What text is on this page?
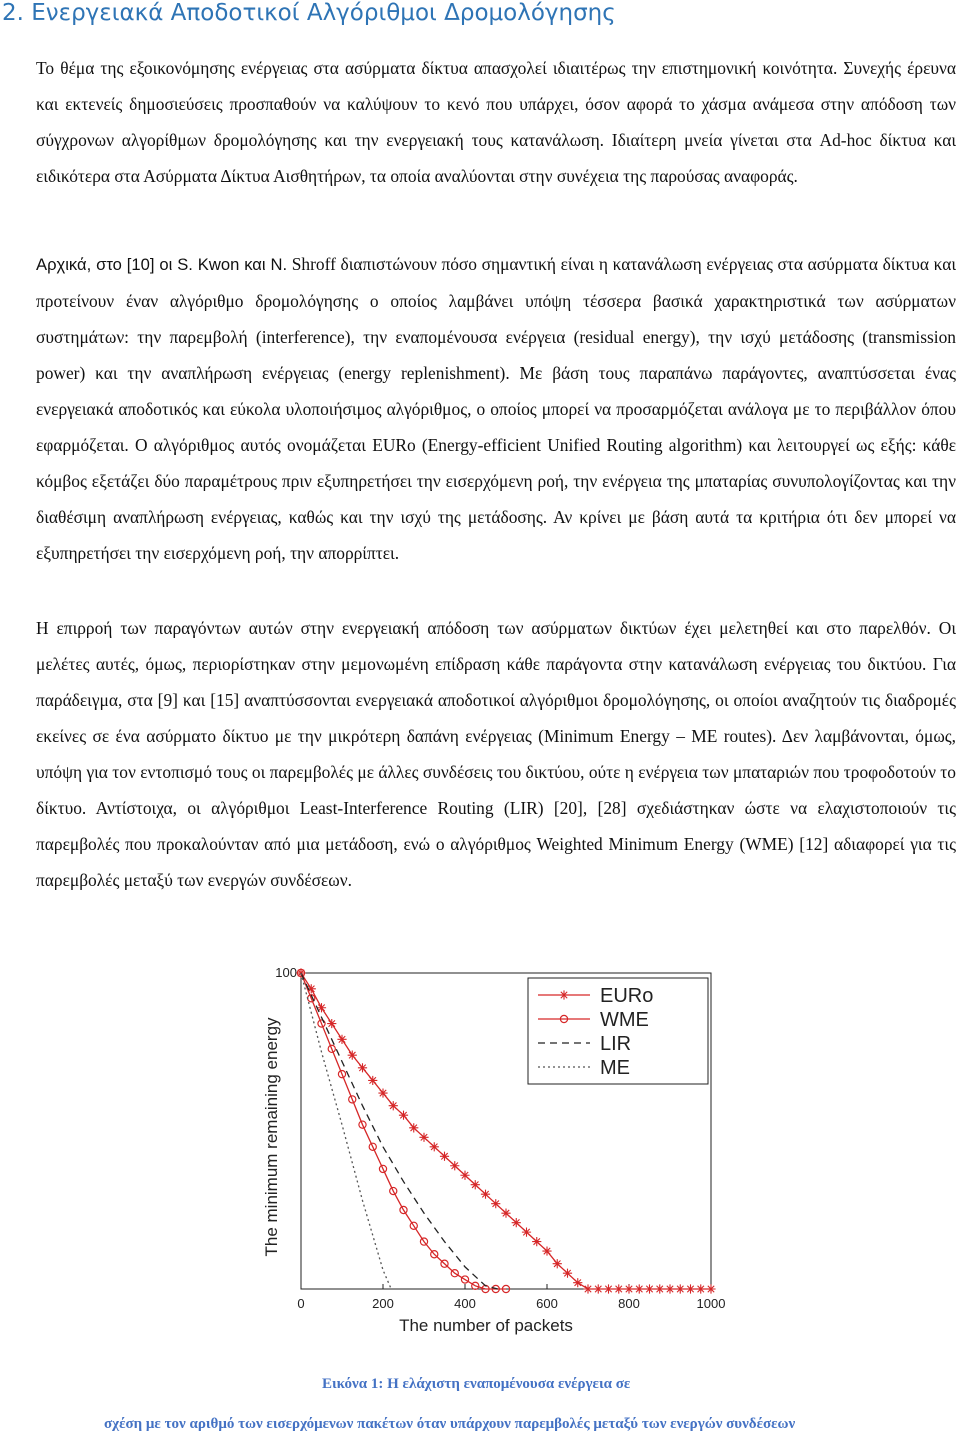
2. Ενεργειακά Αποδοτικοί Αλγόριθμοι Δρομολόγησης

Το θέμα της εξοικονόμησης ενέργειας στα ασύρματα δίκτυα απασχολεί ιδιαιτέρως την επιστημονική κοινότητα. Συνεχής έρευνα και εκτενείς δημοσιεύσεις προσπαθούν να καλύψουν το κενό που υπάρχει, όσον αφορά το χάσμα ανάμεσα στην απόδοση των σύγχρονων αλγορίθμων δρομολόγησης και την ενεργειακή τους κατανάλωση. Ιδιαίτερη μνεία γίνεται στα Ad-hoc δίκτυα και ειδικότερα στα Ασύρματα Δίκτυα Αισθητήρων, τα οποία αναλύονται στην συνέχεια της παρούσας αναφοράς.

Αρχικά, στο [10] οι S. Kwon και N. Shroff διαπιστώνουν πόσο σημαντική είναι η κατανάλωση ενέργειας στα ασύρματα δίκτυα και προτείνουν έναν αλγόριθμο δρομολόγησης ο οποίος λαμβάνει υπόψη τέσσερα βασικά χαρακτηριστικά των ασύρματων συστημάτων: την παρεμβολή (interference), την εναπομένουσα ενέργεια (residual energy), την ισχύ μετάδοσης (transmission power) και την αναπλήρωση ενέργειας (energy replenishment). Με βάση τους παραπάνω παράγοντες, αναπτύσσεται ένας ενεργειακά αποδοτικός και εύκολα υλοποιήσιμος αλγόριθμος, ο οποίος μπορεί να προσαρμόζεται ανάλογα με το περιβάλλον όπου εφαρμόζεται. Ο αλγόριθμος αυτός ονομάζεται EURo (Energy-efficient Unified Routing algorithm) και λειτουργεί ως εξής: κάθε κόμβος εξετάζει δύο παραμέτρους πριν εξυπηρετήσει την εισερχόμενη ροή, την ενέργεια της μπαταρίας συνυπολογίζοντας και την διαθέσιμη αναπλήρωση ενέργειας, καθώς και την ισχύ της μετάδοσης. Αν κρίνει με βάση αυτά τα κριτήρια ότι δεν μπορεί να εξυπηρετήσει την εισερχόμενη ροή, την απορρίπτει.

Η επιρροή των παραγόντων αυτών στην ενεργειακή απόδοση των ασύρματων δικτύων έχει μελετηθεί και στο παρελθόν. Οι μελέτες αυτές, όμως, περιορίστηκαν στην μεμονωμένη επίδραση κάθε παράγοντα στην κατανάλωση ενέργειας του δικτύου. Για παράδειγμα, στα [9] και [15] αναπτύσσονται ενεργειακά αποδοτικοί αλγόριθμοι δρομολόγησης, οι οποίοι αναζητούν τις διαδρομές εκείνες σε ένα ασύρματο δίκτυο με την μικρότερη δαπάνη ενέργειας (Minimum Energy – ME routes). Δεν λαμβάνονται, όμως, υπόψη για τον εντοπισμό τους οι παρεμβολές με άλλες συνδέσεις του δικτύου, ούτε η ενέργεια των μπαταριών που τροφοδοτούν το δίκτυο. Αντίστοιχα, οι αλγόριθμοι Least-Interference Routing (LIR) [20], [28] σχεδιάστηκαν ώστε να ελαχιστοποιούν τις παρεμβολές που προκαλούνταν από μια μετάδοση, ενώ ο αλγόριθμος Weighted Minimum Energy (WME) [12] αδιαφορεί για τις παρεμβολές μεταξύ των ενεργών συνδέσεων.

0	200	400	600	800	1000
100
The number of packets
The minimum remaining energy
EURo
WME
LIR
ME

Εικόνα 1: Η ελάχιστη εναπομένουσα ενέργεια σε

σχέση με τον αριθμό των εισερχόμενων πακέτων όταν υπάρχουν παρεμβολές μεταξύ των ενεργών συνδέσεων
